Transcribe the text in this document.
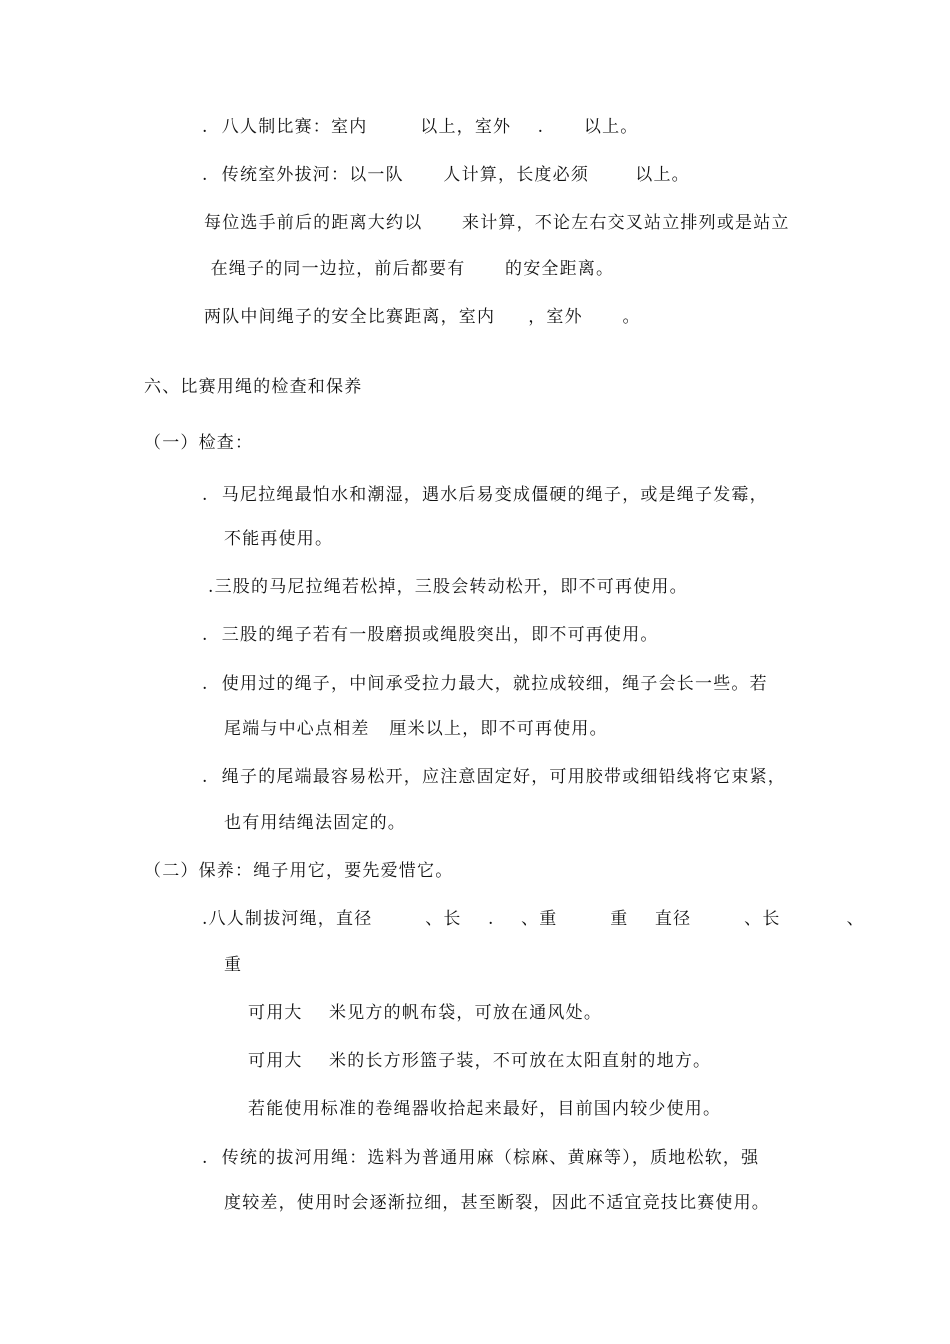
.  八人制比赛：室内        以上，室外    .      以上。
.  传统室外拔河：以一队      人计算，长度必须       以上。
每位选手前后的距离大约以      来计算，不论左右交叉站立排列或是站立
在绳子的同一边拉，前后都要有      的安全距离。
两队中间绳子的安全比赛距离，室内     ，室外      。
六、比赛用绳的检查和保养
（一）检查：
.  马尼拉绳最怕水和潮湿，遇水后易变成僵硬的绳子，或是绳子发霉，
不能再使用。
.三股的马尼拉绳若松掉，三股会转动松开，即不可再使用。
.  三股的绳子若有一股磨损或绳股突出，即不可再使用。
.  使用过的绳子，中间承受拉力最大，就拉成较细，绳子会长一些。若
尾端与中心点相差   厘米以上，即不可再使用。
.  绳子的尾端最容易松开，应注意固定好，可用胶带或细铅线将它束紧，
也有用结绳法固定的。
（二）保养：绳子用它，要先爱惜它。
.八人制拔河绳，直径        、长    .    、重        重    直径        、长          、
重
可用大    米见方的帆布袋，可放在通风处。
可用大    米的长方形篮子装，不可放在太阳直射的地方。
若能使用标准的卷绳器收拾起来最好，目前国内较少使用。
.  传统的拔河用绳：选料为普通用麻（棕麻、黄麻等），质地松软，强
度较差，使用时会逐渐拉细，甚至断裂，因此不适宜竞技比赛使用。
